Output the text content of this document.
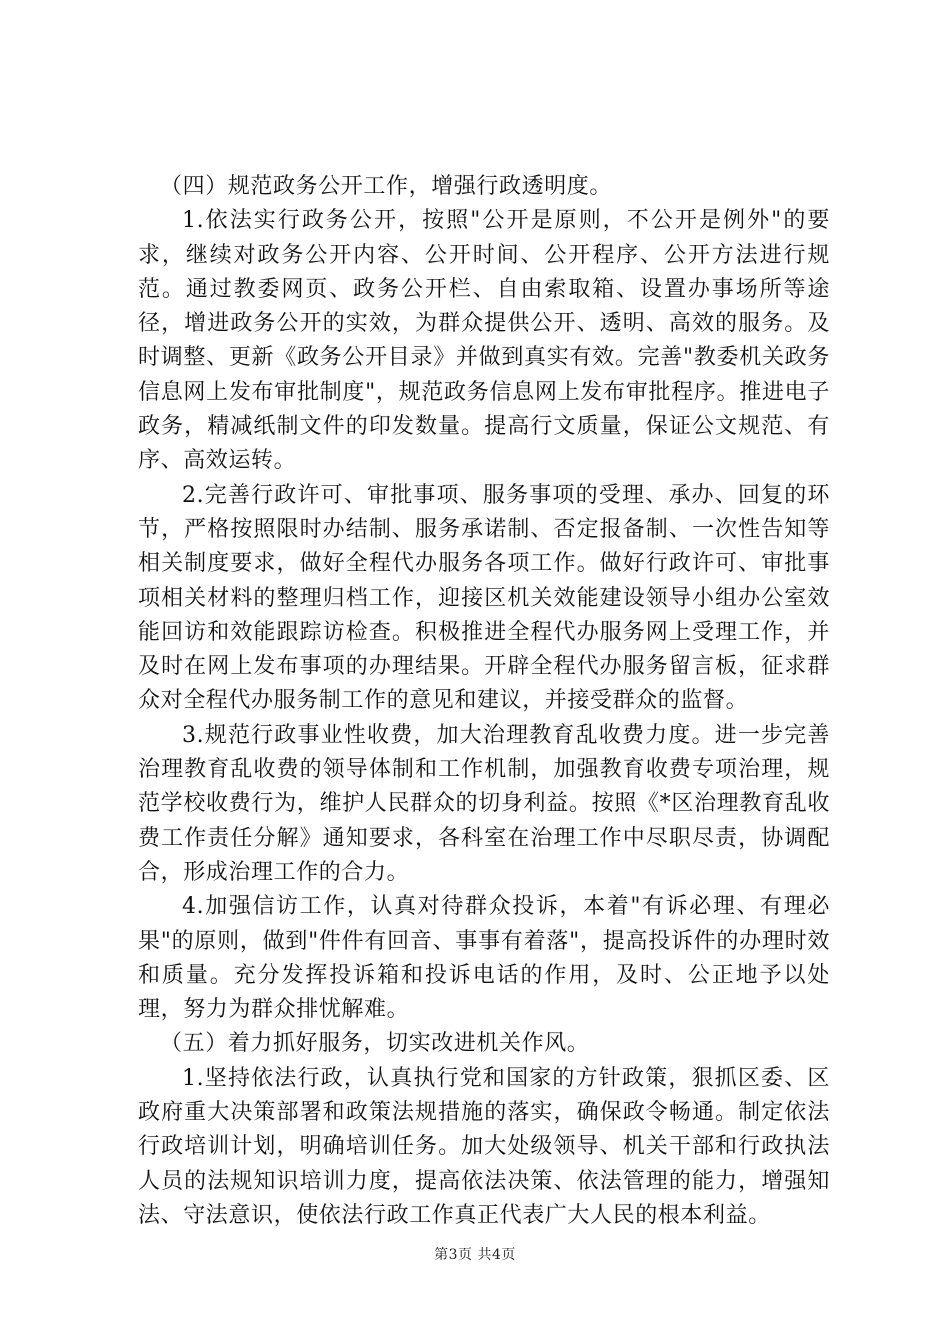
（四）规范政务公开工作，增强行政透明度。

1.依法实行政务公开，按照"公开是原则，不公开是例外"的要求，继续对政务公开内容、公开时间、公开程序、公开方法进行规范。通过教委网页、政务公开栏、自由索取箱、设置办事场所等途径，增进政务公开的实效，为群众提供公开、透明、高效的服务。及时调整、更新《政务公开目录》并做到真实有效。完善"教委机关政务信息网上发布审批制度"，规范政务信息网上发布审批程序。推进电子政务，精减纸制文件的印发数量。提高行文质量，保证公文规范、有序、高效运转。

2.完善行政许可、审批事项、服务事项的受理、承办、回复的环节，严格按照限时办结制、服务承诺制、否定报备制、一次性告知等相关制度要求，做好全程代办服务各项工作。做好行政许可、审批事项相关材料的整理归档工作，迎接区机关效能建设领导小组办公室效能回访和效能跟踪访检查。积极推进全程代办服务网上受理工作，并及时在网上发布事项的办理结果。开辟全程代办服务留言板，征求群众对全程代办服务制工作的意见和建议，并接受群众的监督。

3.规范行政事业性收费，加大治理教育乱收费力度。进一步完善治理教育乱收费的领导体制和工作机制，加强教育收费专项治理，规范学校收费行为，维护人民群众的切身利益。按照《*区治理教育乱收费工作责任分解》通知要求，各科室在治理工作中尽职尽责，协调配合，形成治理工作的合力。

4.加强信访工作，认真对待群众投诉，本着"有诉必理、有理必果"的原则，做到"件件有回音、事事有着落"，提高投诉件的办理时效和质量。充分发挥投诉箱和投诉电话的作用，及时、公正地予以处理，努力为群众排忧解难。

（五）着力抓好服务，切实改进机关作风。

1.坚持依法行政，认真执行党和国家的方针政策，狠抓区委、区政府重大决策部署和政策法规措施的落实，确保政令畅通。制定依法行政培训计划，明确培训任务。加大处级领导、机关干部和行政执法人员的法规知识培训力度，提高依法决策、依法管理的能力，增强知法、守法意识，使依法行政工作真正代表广大人民的根本利益。

第3页 共4页
